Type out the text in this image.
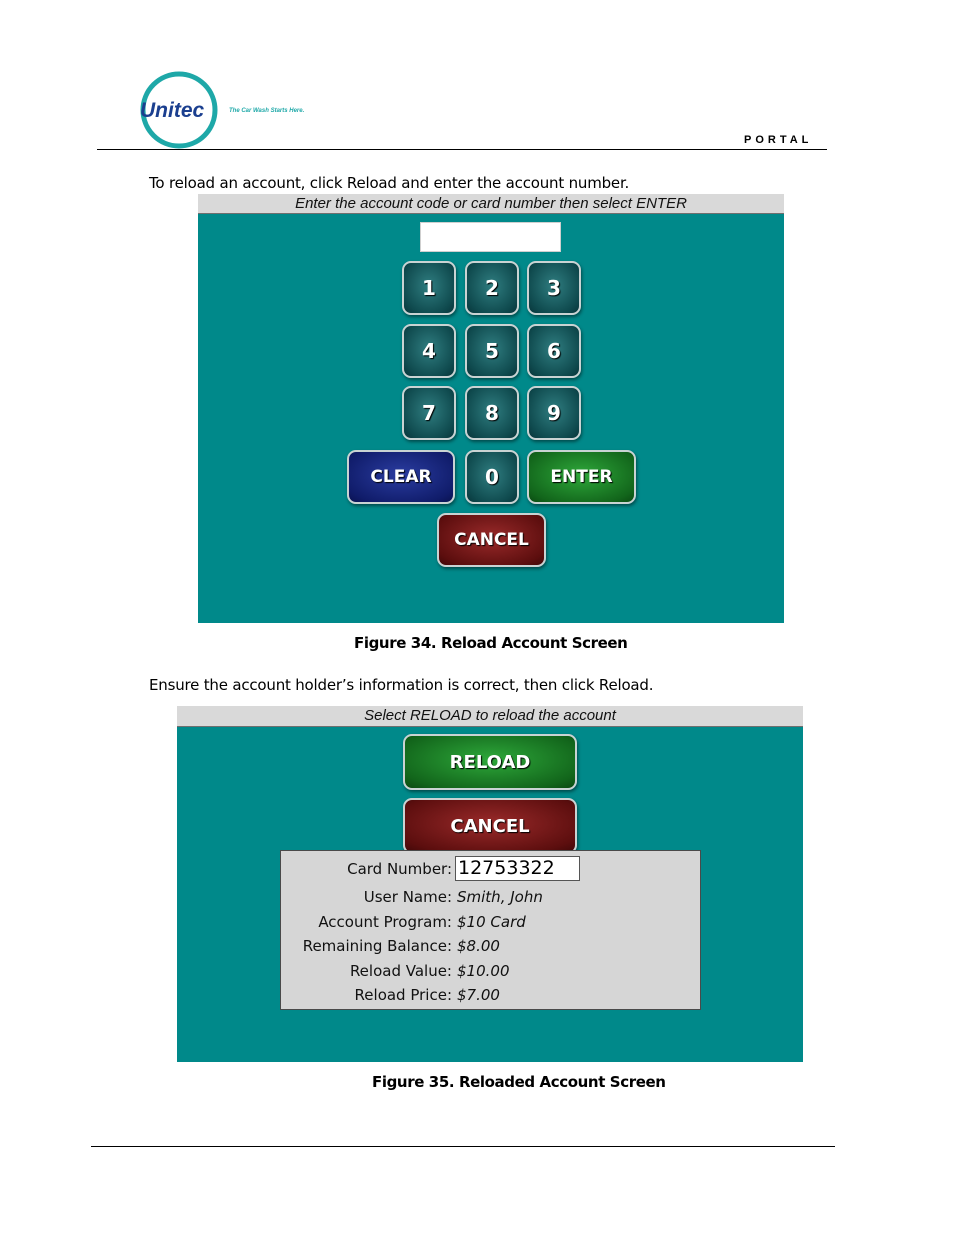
Unitec	The Car Wash Starts Here.
PORTAL
To reload an account, click Reload and enter the account number.
Enter the account code or card number then select ENTER
1	2	3
4	5	6
7	8	9
CLEAR	0	ENTER
CANCEL
Figure 34. Reload Account Screen
Ensure the account holder’s information is correct, then click Reload.
Select RELOAD to reload the account
RELOAD
CANCEL
Card Number: 12753322
User Name: Smith, John
Account Program: $10 Card
Remaining Balance: $8.00
Reload Value: $10.00
Reload Price: $7.00
Figure 35. Reloaded Account Screen
